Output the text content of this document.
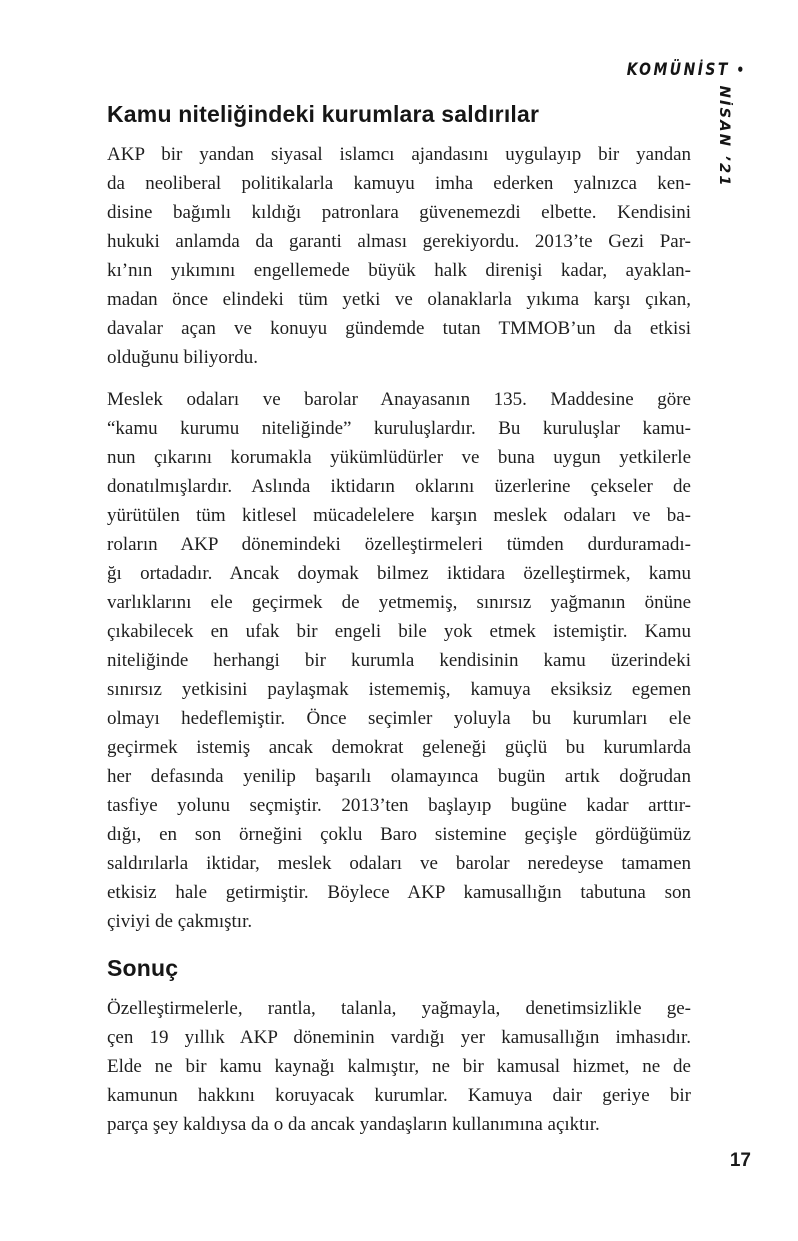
KOMÜNİST •
NİSAN ’21
Kamu niteliğindeki kurumlara saldırılar
AKP bir yandan siyasal islamcı ajandasını uygulayıp bir yandan
da neoliberal politikalarla kamuyu imha ederken yalnızca ken-
disine bağımlı kıldığı patronlara güvenemezdi elbette. Kendisini
hukuki anlamda da garanti alması gerekiyordu. 2013’te Gezi Par-
kı’nın yıkımını engellemede büyük halk direnişi kadar, ayaklan-
madan önce elindeki tüm yetki ve olanaklarla yıkıma karşı çıkan,
davalar açan ve konuyu gündemde tutan TMMOB’un da etkisi
olduğunu biliyordu.
Meslek odaları ve barolar Anayasanın 135. Maddesine göre
“kamu kurumu niteliğinde” kuruluşlardır. Bu kuruluşlar kamu-
nun çıkarını korumakla yükümlüdürler ve buna uygun yetkilerle
donatılmışlardır. Aslında iktidarın oklarını üzerlerine çekseler de
yürütülen tüm kitlesel mücadelelere karşın meslek odaları ve ba-
roların AKP dönemindeki özelleştirmeleri tümden durduramadı-
ğı ortadadır. Ancak doymak bilmez iktidara özelleştirmek, kamu
varlıklarını ele geçirmek de yetmemiş, sınırsız yağmanın önüne
çıkabilecek en ufak bir engeli bile yok etmek istemiştir. Kamu
niteliğinde herhangi bir kurumla kendisinin kamu üzerindeki
sınırsız yetkisini paylaşmak istememiş, kamuya eksiksiz egemen
olmayı hedeflemiştir. Önce seçimler yoluyla bu kurumları ele
geçirmek istemiş ancak demokrat geleneği güçlü bu kurumlarda
her defasında yenilip başarılı olamayınca bugün artık doğrudan
tasfiye yolunu seçmiştir. 2013’ten başlayıp bugüne kadar arttır-
dığı, en son örneğini çoklu Baro sistemine geçişle gördüğümüz
saldırılarla iktidar, meslek odaları ve barolar neredeyse tamamen
etkisiz hale getirmiştir. Böylece AKP kamusallığın tabutuna son
çiviyi de çakmıştır.
Sonuç
Özelleştirmelerle, rantla, talanla, yağmayla, denetimsizlikle ge-
çen 19 yıllık AKP döneminin vardığı yer kamusallığın imhasıdır.
Elde ne bir kamu kaynağı kalmıştır, ne bir kamusal hizmet, ne de
kamunun hakkını koruyacak kurumlar. Kamuya dair geriye bir
parça şey kaldıysa da o da ancak yandaşların kullanımına açıktır.
17
